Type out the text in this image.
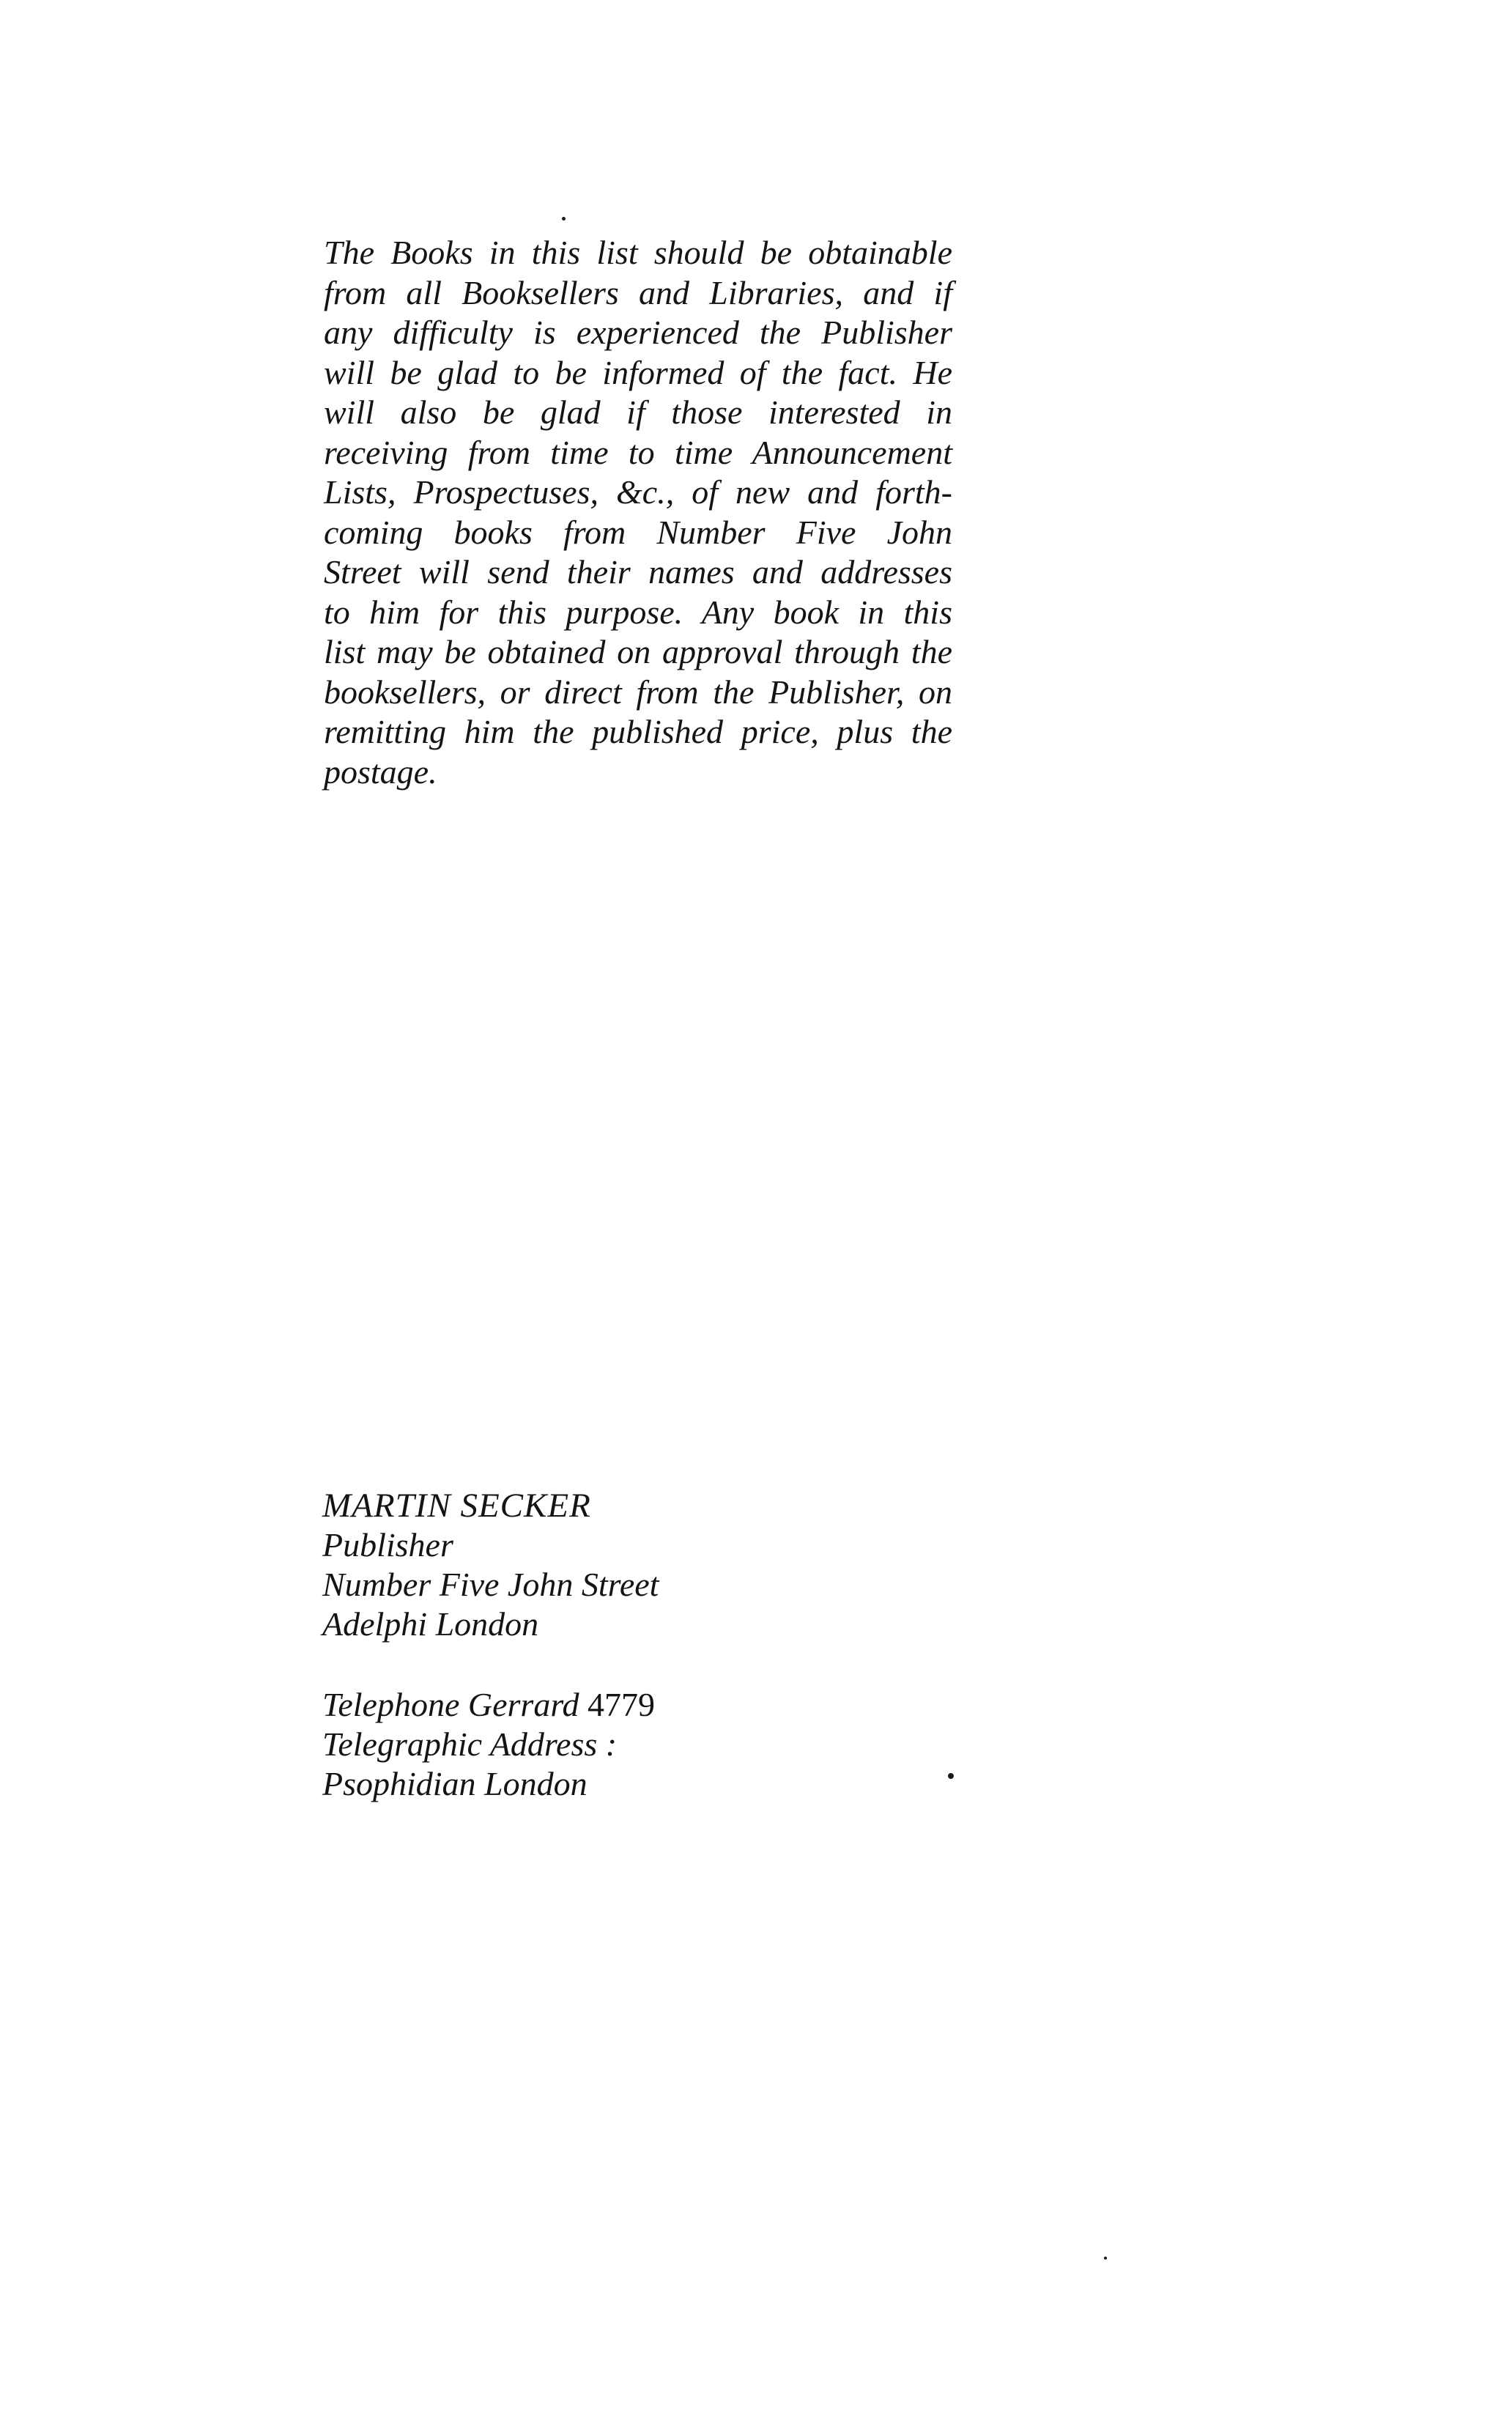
The Books in this list should be obtainable
from all Booksellers and Libraries, and if
any difficulty is experienced the Publisher
will be glad to be informed of the fact. He
will also be glad if those interested in
receiving from time to time Announcement
Lists, Prospectuses, &c., of new and forth-
coming books from Number Five John
Street will send their names and addresses
to him for this purpose. Any book in this
list may be obtained on approval through the
booksellers, or direct from the Publisher, on
remitting him the published price, plus the
postage.
MARTIN SECKER
Publisher
Number Five John Street
Adelphi London
Telephone Gerrard 4779
Telegraphic Address :
Psophidian London
